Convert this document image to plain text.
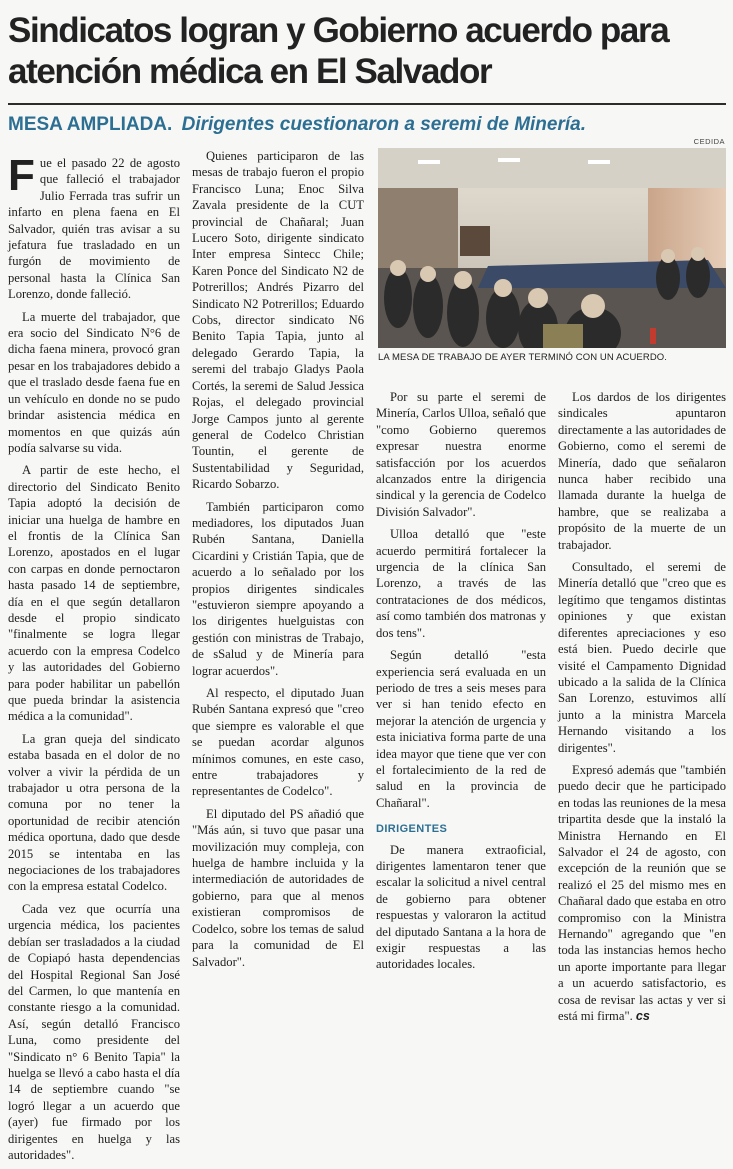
Sindicatos logran y Gobierno acuerdo para atención médica en El Salvador
MESA AMPLIADA. Dirigentes cuestionaron a seremi de Minería.
CEDIDA
LA MESA DE TRABAJO DE AYER TERMINÓ CON UN ACUERDO.

Fue el pasado 22 de agosto que falleció el trabajador Julio Ferrada tras sufrir un infarto en plena faena en El Salvador, quién tras avisar a su jefatura fue trasladado en un furgón de movimiento de personal hasta la Clínica San Lorenzo, donde falleció.

La muerte del trabajador, que era socio del Sindicato N°6 de dicha faena minera, provocó gran pesar en los trabajadores debido a que el traslado desde faena fue en un vehículo en donde no se pudo brindar asistencia médica en momentos en que quizás aún podía salvarse su vida.

A partir de este hecho, el directorio del Sindicato Benito Tapia adoptó la decisión de iniciar una huelga de hambre en el frontis de la Clínica San Lorenzo, apostados en el lugar con carpas en donde pernoctaron hasta pasado 14 de septiembre, día en el que según detallaron desde el propio sindicato "finalmente se logra llegar acuerdo con la empresa Codelco y las autoridades del Gobierno para poder habilitar un pabellón que pueda brindar la asistencia médica a la comunidad".

La gran queja del sindicato estaba basada en el dolor de no volver a vivir la pérdida de un trabajador u otra persona de la comuna por no tener la oportunidad de recibir atención médica oportuna, dado que desde 2015 se intentaba en las negociaciones de los trabajadores con la empresa estatal Codelco.

Cada vez que ocurría una urgencia médica, los pacientes debían ser trasladados a la ciudad de Copiapó hasta dependencias del Hospital Regional San José del Carmen, lo que mantenía en constante riesgo a la comunidad. Así, según detalló Francisco Luna, como presidente del "Sindicato n° 6 Benito Tapia" la huelga se llevó a cabo hasta el día 14 de septiembre cuando "se logró llegar a un acuerdo que (ayer) fue firmado por los dirigentes en huelga y las autoridades".

Quienes participaron de las mesas de trabajo fueron el propio Francisco Luna; Enoc Silva Zavala presidente de la CUT provincial de Chañaral; Juan Lucero Soto, dirigente sindicato Inter empresa Sintecc Chile; Karen Ponce del Sindicato N2 de Potrerillos; Andrés Pizarro del Sindicato N2 Potrerillos; Eduardo Cobs, director sindicato N6 Benito Tapia Tapia, junto al delegado Gerardo Tapia, la seremi del trabajo Gladys Paola Cortés, la seremi de Salud Jessica Rojas, el delegado provincial Jorge Campos junto al gerente general de Codelco Christian Tountin, el gerente de Sustentabilidad y Seguridad, Ricardo Sobarzo.

También participaron como mediadores, los diputados Juan Rubén Santana, Daniella Cicardini y Cristián Tapia, que de acuerdo a lo señalado por los propios dirigentes sindicales "estuvieron siempre apoyando a los dirigentes huelguistas con gestión con ministras de Trabajo, de sSalud y de Minería para lograr acuerdos".

Al respecto, el diputado Juan Rubén Santana expresó que "creo que siempre es valorable el que se puedan acordar algunos mínimos comunes, en este caso, entre trabajadores y representantes de Codelco".

El diputado del PS añadió que "Más aún, si tuvo que pasar una movilización muy compleja, con huelga de hambre incluida y la intermediación de autoridades de gobierno, para que al menos existieran compromisos de Codelco, sobre los temas de salud para la comunidad de El Salvador".

Por su parte el seremi de Minería, Carlos Ulloa, señaló que "como Gobierno queremos expresar nuestra enorme satisfacción por los acuerdos alcanzados entre la dirigencia sindical y la gerencia de Codelco División Salvador".

Ulloa detalló que "este acuerdo permitirá fortalecer la urgencia de la clínica San Lorenzo, a través de las contrataciones de dos médicos, así como también dos matronas y dos tens".

Según detalló "esta experiencia será evaluada en un periodo de tres a seis meses para ver si han tenido efecto en mejorar la atención de urgencia y esta iniciativa forma parte de una idea mayor que tiene que ver con el fortalecimiento de la red de salud en la provincia de Chañaral".

DIRIGENTES

De manera extraoficial, dirigentes lamentaron tener que escalar la solicitud a nivel central de gobierno para obtener respuestas y valoraron la actitud del diputado Santana a la hora de exigir respuestas a las autoridades locales.

Los dardos de los dirigentes sindicales apuntaron directamente a las autoridades de Gobierno, como el seremi de Minería, dado que señalaron nunca haber recibido una llamada durante la huelga de hambre, que se realizaba a propósito de la muerte de un trabajador.

Consultado, el seremi de Minería detalló que "creo que es legítimo que tengamos distintas opiniones y que existan diferentes apreciaciones y eso está bien. Puedo decirle que visité el Campamento Dignidad ubicado a la salida de la Clínica San Lorenzo, estuvimos allí junto a la ministra Marcela Hernando visitando a los dirigentes".

Expresó además que "también puedo decir que he participado en todas las reuniones de la mesa tripartita desde que la instaló la Ministra Hernando en El Salvador el 24 de agosto, con excepción de la reunión que se realizó el 25 del mismo mes en Chañaral dado que estaba en otro compromiso con la Ministra Hernando" agregando que "en toda las instancias hemos hecho un aporte importante para llegar a un acuerdo satisfactorio, es cosa de revisar las actas y ver si está mi firma". cs
